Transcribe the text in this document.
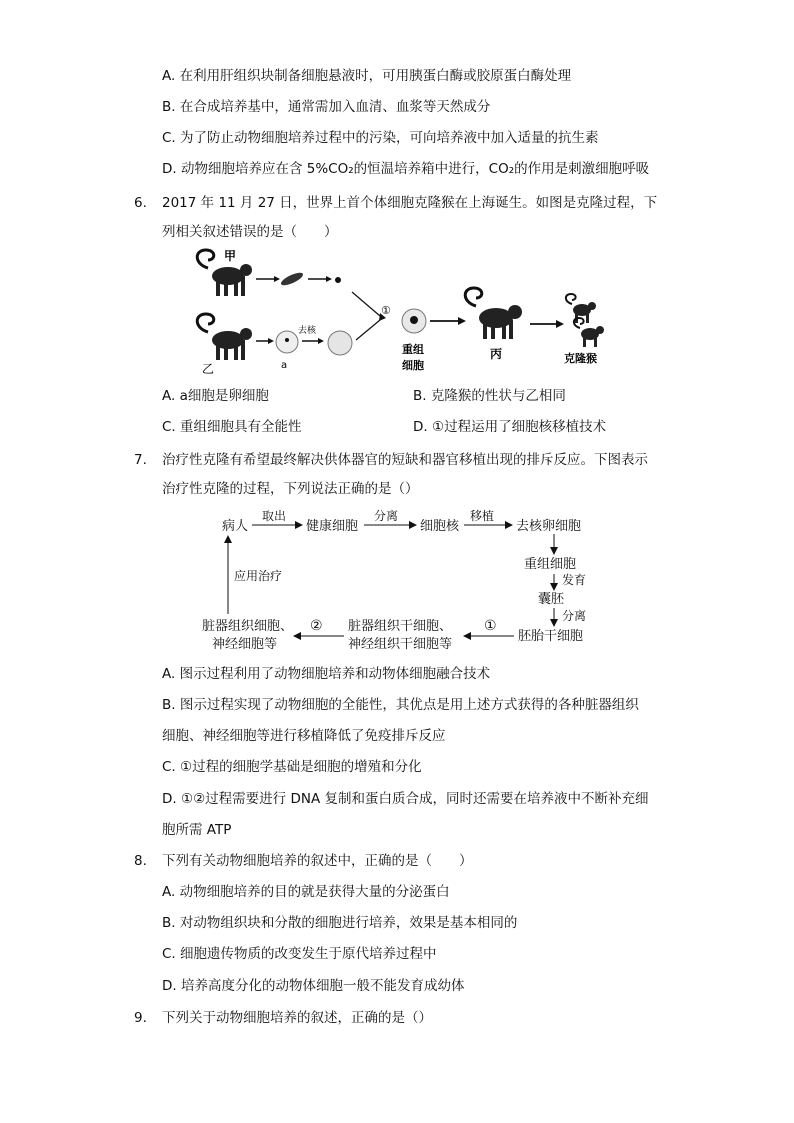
A. 在利用肝组织块制备细胞悬液时，可用胰蛋白酶或胶原蛋白酶处理
B. 在合成培养基中，通常需加入血清、血浆等天然成分
C. 为了防止动物细胞培养过程中的污染，可向培养液中加入适量的抗生素
D. 动物细胞培养应在含 5%CO₂的恒温培养箱中进行，CO₂的作用是刺激细胞呼吸
6. 2017 年 11 月 27 日，世界上首个体细胞克隆猴在上海诞生。如图是克隆过程，下
列相关叙述错误的是（　　）
甲
乙	a
去核
①
重组
细胞
丙	克隆猴
A. a细胞是卵细胞	B. 克隆猴的性状与乙相同
C. 重组细胞具有全能性	D. ①过程运用了细胞核移植技术
7. 治疗性克隆有希望最终解决供体器官的短缺和器官移植出现的排斥反应。下图表示
治疗性克隆的过程，下列说法正确的是（）
病人
取出
健康细胞
分离
细胞核
移植
去核卵细胞
重组细胞
发育
囊胚
分离
胚胎干细胞
①
脏器组织干细胞、
神经组织干细胞等
②
脏器组织细胞、
神经细胞等
应用治疗
A. 图示过程利用了动物细胞培养和动物体细胞融合技术
B. 图示过程实现了动物细胞的全能性，其优点是用上述方式获得的各种脏器组织
细胞、神经细胞等进行移植降低了免疫排斥反应
C. ①过程的细胞学基础是细胞的增殖和分化
D. ①②过程需要进行 DNA 复制和蛋白质合成，同时还需要在培养液中不断补充细
胞所需 ATP
8. 下列有关动物细胞培养的叙述中，正确的是（　　）
A. 动物细胞培养的目的就是获得大量的分泌蛋白
B. 对动物组织块和分散的细胞进行培养，效果是基本相同的
C. 细胞遗传物质的改变发生于原代培养过程中
D. 培养高度分化的动物体细胞一般不能发育成幼体
9. 下列关于动物细胞培养的叙述，正确的是（）
